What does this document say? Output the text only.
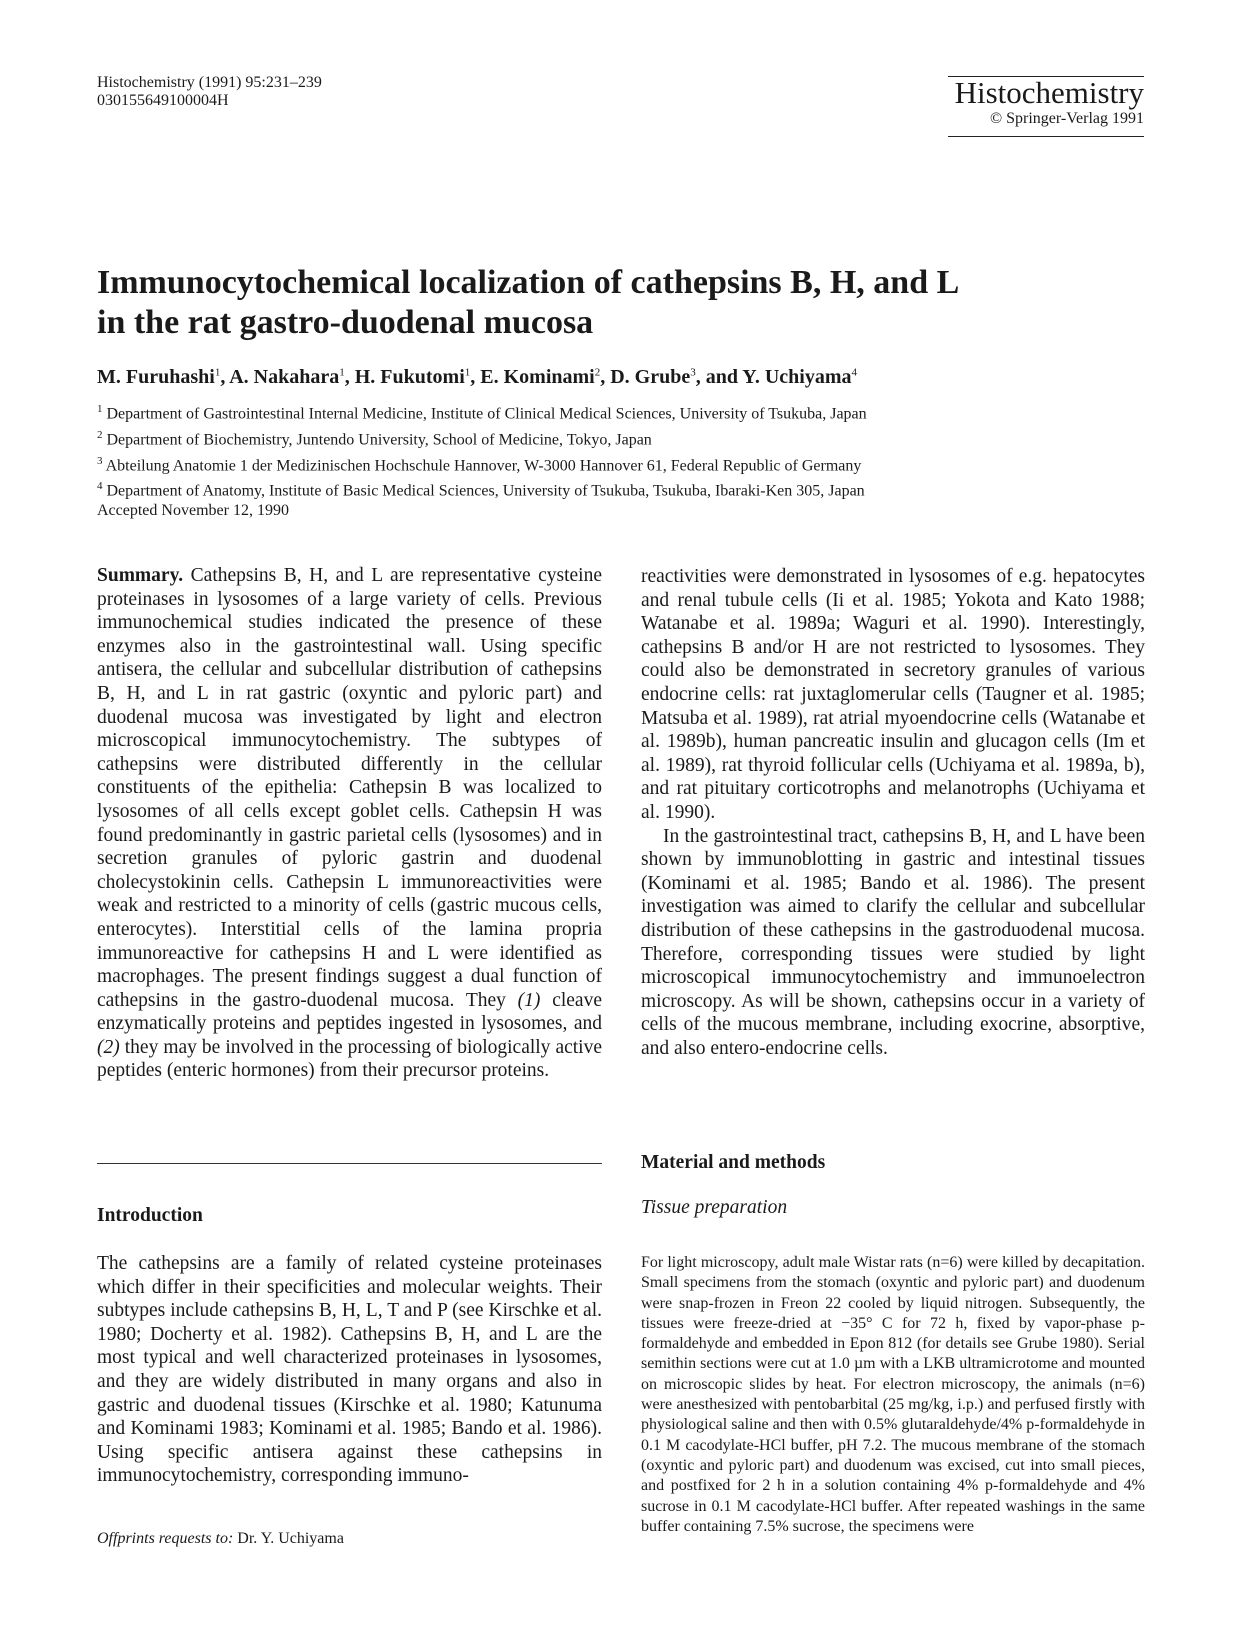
Histochemistry (1991) 95:231–239
030155649100004H	Histochemistry
© Springer-Verlag 1991
Immunocytochemical localization of cathepsins B, H, and L
in the rat gastro-duodenal mucosa
M. Furuhashi$^1$, A. Nakahara$^1$, H. Fukutomi$^1$, E. Kominami$^2$, D. Grube$^3$, and Y. Uchiyama$^4$
$^1$ Department of Gastrointestinal Internal Medicine, Institute of Clinical Medical Sciences, University of Tsukuba, Japan
$^2$ Department of Biochemistry, Juntendo University, School of Medicine, Tokyo, Japan
$^3$ Abteilung Anatomie 1 der Medizinischen Hochschule Hannover, W-3000 Hannover 61, Federal Republic of Germany
$^4$ Department of Anatomy, Institute of Basic Medical Sciences, University of Tsukuba, Tsukuba, Ibaraki-Ken 305, Japan
Accepted November 12, 1990

Summary. Cathepsins B, H, and L are representative cysteine proteinases in lysosomes of a large variety of cells. Previous immunochemical studies indicated the presence of these enzymes also in the gastrointestinal wall. Using specific antisera, the cellular and subcellular distribution of cathepsins B, H, and L in rat gastric (oxyntic and pyloric part) and duodenal mucosa was investigated by light and electron microscopical immunocytochemistry. The subtypes of cathepsins were distributed differently in the cellular constituents of the epithelia: Cathepsin B was localized to lysosomes of all cells except goblet cells. Cathepsin H was found predominantly in gastric parietal cells (lysosomes) and in secretion granules of pyloric gastrin and duodenal cholecystokinin cells. Cathepsin L immunoreactivities were weak and restricted to a minority of cells (gastric mucous cells, enterocytes). Interstitial cells of the lamina propria immunoreactive for cathepsins H and L were identified as macrophages. The present findings suggest a dual function of cathepsins in the gastro-duodenal mucosa. They (1) cleave enzymatically proteins and peptides ingested in lysosomes, and (2) they may be involved in the processing of biologically active peptides (enteric hormones) from their precursor proteins.

Introduction

The cathepsins are a family of related cysteine proteinases which differ in their specificities and molecular weights. Their subtypes include cathepsins B, H, L, T and P (see Kirschke et al. 1980; Docherty et al. 1982). Cathepsins B, H, and L are the most typical and well characterized proteinases in lysosomes, and they are widely distributed in many organs and also in gastric and duodenal tissues (Kirschke et al. 1980; Katunuma and Kominami 1983; Kominami et al. 1985; Bando et al. 1986). Using specific antisera against these cathepsins in immunocytochemistry, corresponding immuno-

reactivities were demonstrated in lysosomes of e.g. hepatocytes and renal tubule cells (Ii et al. 1985; Yokota and Kato 1988; Watanabe et al. 1989a; Waguri et al. 1990). Interestingly, cathepsins B and/or H are not restricted to lysosomes. They could also be demonstrated in secretory granules of various endocrine cells: rat juxtaglomerular cells (Taugner et al. 1985; Matsuba et al. 1989), rat atrial myoendocrine cells (Watanabe et al. 1989b), human pancreatic insulin and glucagon cells (Im et al. 1989), rat thyroid follicular cells (Uchiyama et al. 1989a, b), and rat pituitary corticotrophs and melanotrophs (Uchiyama et al. 1990).

In the gastrointestinal tract, cathepsins B, H, and L have been shown by immunoblotting in gastric and intestinal tissues (Kominami et al. 1985; Bando et al. 1986). The present investigation was aimed to clarify the cellular and subcellular distribution of these cathepsins in the gastroduodenal mucosa. Therefore, corresponding tissues were studied by light microscopical immunocytochemistry and immunoelectron microscopy. As will be shown, cathepsins occur in a variety of cells of the mucous membrane, including exocrine, absorptive, and also entero-endocrine cells.

Material and methods
Tissue preparation

For light microscopy, adult male Wistar rats (n=6) were killed by decapitation. Small specimens from the stomach (oxyntic and pyloric part) and duodenum were snap-frozen in Freon 22 cooled by liquid nitrogen. Subsequently, the tissues were freeze-dried at −35° C for 72 h, fixed by vapor-phase p-formaldehyde and embedded in Epon 812 (for details see Grube 1980). Serial semithin sections were cut at 1.0 µm with a LKB ultramicrotome and mounted on microscopic slides by heat. For electron microscopy, the animals (n=6) were anesthesized with pentobarbital (25 mg/kg, i.p.) and perfused firstly with physiological saline and then with 0.5% glutaraldehyde/4% p-formaldehyde in 0.1 M cacodylate-HCl buffer, pH 7.2. The mucous membrane of the stomach (oxyntic and pyloric part) and duodenum was excised, cut into small pieces, and postfixed for 2 h in a solution containing 4% p-formaldehyde and 4% sucrose in 0.1 M cacodylate-HCl buffer. After repeated washings in the same buffer containing 7.5% sucrose, the specimens were

Offprints requests to: Dr. Y. Uchiyama
